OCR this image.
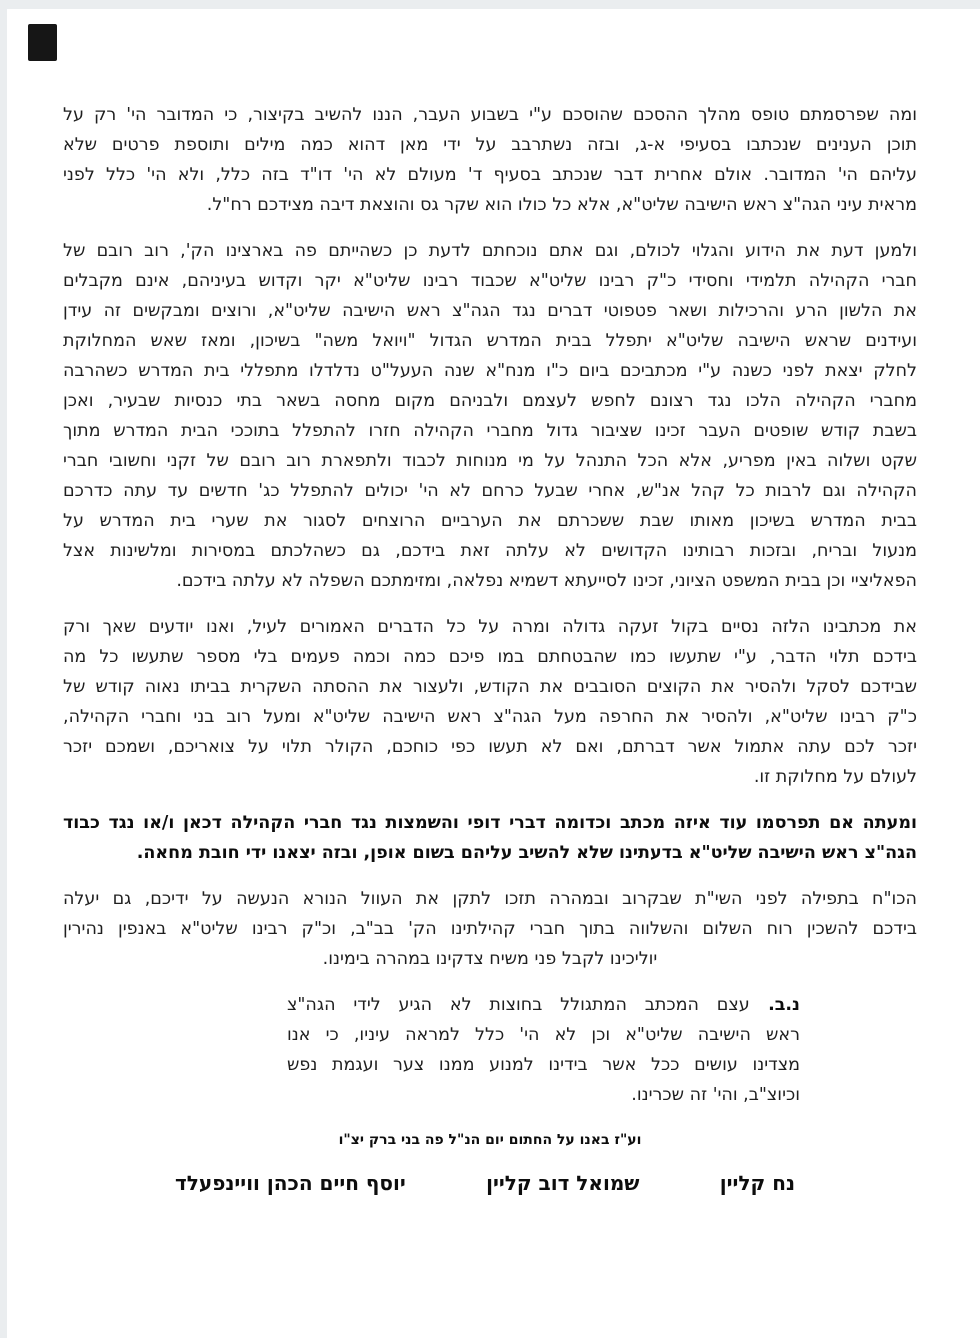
ומה שפרסמתם טופס מהלך ההסכם שהוסכם ע"י בשבוע העבר, הננו להשיב בקיצור, כי המדובר הי' רק על
תוכן הענינים שנכתבו בסעיפי א-ג, ובזה נשתרבב על ידי מאן דהוא כמה מילים ותוספת פרטים שלא
עליהם הי' המדובר. אולם אחרית דבר שנכתב בסעיף ד' מעולם לא הי' דו"ד בזה כלל, ולא הי' כלל לפני
מראית עיני הגה"צ ראש הישיבה שליט"א, אלא כל כולו הוא שקר גס והוצאת דיבה מצידכם רח"ל.
ולמען דעת את הידוע והגלוי לכולם, וגם אתם נוכחתם לדעת כן כשהייתם פה בארצינו הק', רוב רובם של
חברי הקהילה תלמידי וחסידי כ"ק רבינו שליט"א שכבוד רבינו שליט"א יקר וקדוש בעיניהם, אינם מקבלים
את הלשון הרע והרכילות ושאר פטפוטי דברים נגד הגה"צ ראש הישיבה שליט"א, ורוצים ומבקשים זה עידן
ועידנים שראש הישיבה שליט"א יתפלל בבית המדרש הגדול "ויואל משה" בשיכון, ומאז שאש המחלוקת
לחלק יצאת לפני כשנה ע"י מכתביכם ביום כ"ו מנח"א שנה העעל"ט נדלדלו מתפללי בית המדרש כשהרבה
מחברי הקהילה הלכו נגד רצונם לחפש לעצמם ולבניהם מקום מחסה בשאר בתי כנסיות שבעיר, ואכן
בשבת קודש שופטים העבר זכינו שציבור גדול מחברי הקהילה חזרו להתפלל בתוככי הבית המדרש מתוך
שקט ושלוה באין מפריע, אלא הכל התנהל על מי מנוחות לכבוד ולתפארת רוב רובם של זקני וחשובי חברי
הקהילה וגם לרבות כל קהל אנ"ש, אחרי שבעל כרחם לא הי' יכולים להתפלל כג' חדשים עד עתה כדרכם
בבית המדרש בשיכון מאותו שבת ששכרתם את הערביים הרוצחים לסגור את שערי בית המדרש על
מנעול ובריח, ובזכות רבותינו הקדושים לא עלתה זאת בידכם, גם כשהלכתם במסירות ומלשינות אצל
הפאליציי וכן בבית המשפט הציוני, זכינו לסייעתא דשמיא נפלאה, ומזימתכם השפלה לא עלתה בידכם.
את מכתבינו הלזה נסיים בקול זעקה גדולה ומרה על כל הדברים האמורים לעיל, ואנו יודעים שאך ורק
בידכם תלוי הדבר, ע"י שתעשו כמו שהבטחתם במו פיכם כמה וכמה פעמים בלי מספר שתעשו כל מה
שבידכם לסקל ולהסיר את הקוצים הסובבים את הקודש, ולעצור את ההסתה השקרית בביתו נאוה קודש של
כ"ק רבינו שליט"א, ולהסיר את החרפה מעל הגה"צ ראש הישיבה שליט"א ומעל רוב בני וחברי הקהילה,
יזכר לכם עתה אתמול אשר דברתם, ואם לא תעשו כפי כוחכם, הקולר תלוי על צואריכם, ושמכם יזכר
לעולם על מחלוקת זו.
ומעתה אם תפרסמו עוד איזה מכתב וכדומה דברי דופי והשמצות נגד חברי הקהילה דכאן ו/או נגד כבוד
הגה"צ ראש הישיבה שליט"א בדעתינו שלא להשיב עליהם בשום אופן, ובזה יצאנו ידי חובת מחאה.
הכו"ח בתפילה לפני השי"ת שבקרוב ובמהרה תזכו לתקן את העוול הנורא הנעשה על ידיכם, גם יעלה
בידכם להשכין רוח השלום והשלווה בתוך חברי קהילתינו הק' בב"ב, וכ"ק רבינו שליט"א באנפין נהירין
יוליכינו לקבל פני משיח צדקינו במהרה בימינו.
נ.ב. עצם המכתב המתגולל בחוצות לא הגיע לידי הגה"צ
ראש הישיבה שליט"א וכן לא הי' כלל למראה עיניו, כי אנו
מצדינו עושים ככל אשר בידינו למנוע ממנו צער ועגמת נפש
וכיוצ"ב, והי' זה שכרינו.
וע"ז באנו על החתום יום הנ"ל פה בני ברק יצ"ו
נח קליין
שמואל דוב קליין
יוסף חיים הכהן וויינפעלד
